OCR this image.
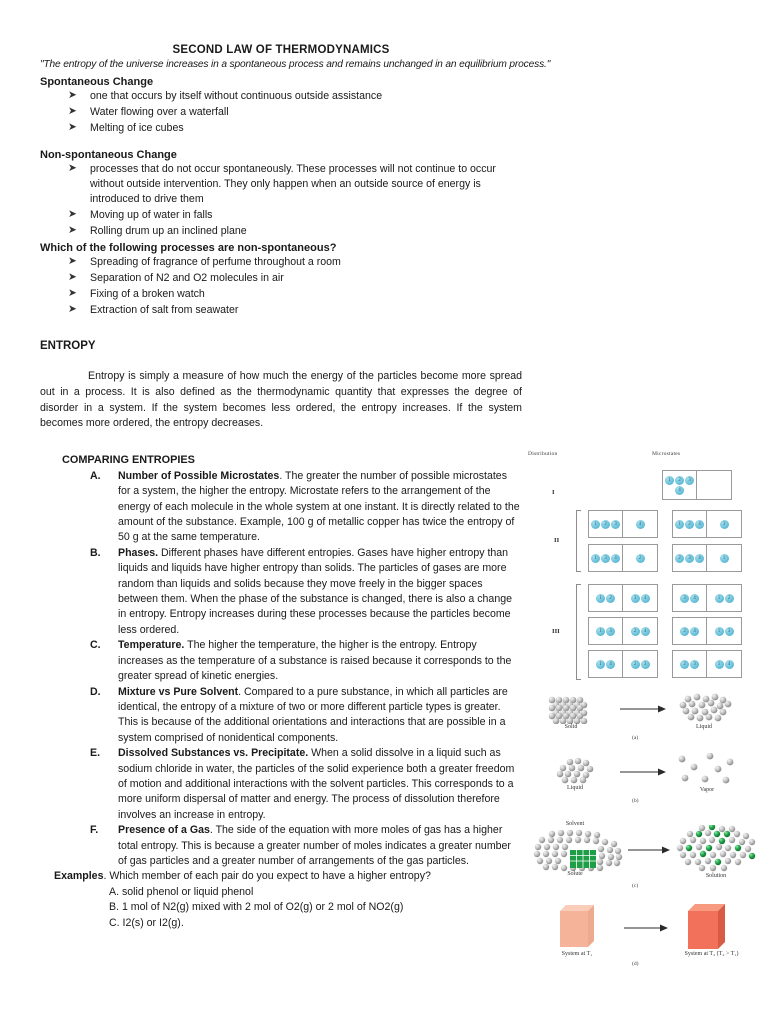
SECOND LAW OF THERMODYNAMICS
"The entropy of the universe increases in a spontaneous process and remains unchanged in an equilibrium process."
Spontaneous Change
➤ one that occurs by itself without continuous outside assistance
➤ Water flowing over a waterfall
➤ Melting of ice cubes
Non-spontaneous Change
➤ processes that do not occur spontaneously. These processes will not continue to occur without outside intervention. They only happen when an outside source of energy is introduced to drive them
➤ Moving up of water in falls
➤ Rolling drum up an inclined plane
Which of the following processes are non-spontaneous?
➤ Spreading of fragrance of perfume throughout a room
➤ Separation of N2 and O2 molecules in air
➤ Fixing of a broken watch
➤ Extraction of salt from seawater
ENTROPY

Entropy is simply a measure of how much the energy of the particles become more spread out in a process. It is also defined as the thermodynamic quantity that expresses the degree of disorder in a system. If the system becomes less ordered, the entropy increases. If the system becomes more ordered, the entropy decreases.

COMPARING ENTROPIES
A. Number of Possible Microstates. The greater the number of possible microstates for a system, the higher the entropy. Microstate refers to the arrangement of the energy of each molecule in the whole system at one instant. It is directly related to the amount of the substance. Example, 100 g of metallic copper has twice the entropy of 50 g at the same temperature.
B. Phases. Different phases have different entropies. Gases have higher entropy than liquids and liquids have higher entropy than solids. The particles of gases are more random than liquids and solids because they move freely in the bigger spaces between them. When the phase of the substance is changed, there is also a change in entropy. Entropy increases during these processes because the particles become less ordered.
C. Temperature. The higher the temperature, the higher is the entropy. Entropy increases as the temperature of a substance is raised because it corresponds to the greater spread of kinetic energies.
D. Mixture vs Pure Solvent. Compared to a pure substance, in which all particles are identical, the entropy of a mixture of two or more different particle types is greater. This is because of the additional orientations and interactions that are possible in a system comprised of nonidentical components.
E. Dissolved Substances vs. Precipitate. When a solid dissolve in a liquid such as sodium chloride in water, the particles of the solid experience both a greater freedom of motion and additional interactions with the solvent particles. This corresponds to a more uniform dispersal of matter and energy. The process of dissolution therefore involves an increase in entropy.
F. Presence of a Gas. The side of the equation with more moles of gas has a higher total entropy. This is because a greater number of moles indicates a greater number of gas particles and a greater number of arrangements of the gas particles.
Examples. Which member of each pair do you expect to have a higher entropy?
A. solid phenol or liquid phenol
B. 1 mol of N2(g) mixed with 2 mol of O2(g) or 2 mol of NO2(g)
C. I2(s) or I2(g).
Distribution	Microstates
I
1	2	3
4
II
1	2	3	4	1	2	4	3
1	3	4	2	2	3	4	1
III
1	2	3	4	3	4	1	2
1	3	2	4	2	4	1	3
1	4	2	3	2	3	1	4
Solid	Liquid
(a)
Liquid	Vapor
(b)
Solvent
Solute	Solution
(c)
System at T₁	System at T₂ (T₂ > T₁)
(d)
